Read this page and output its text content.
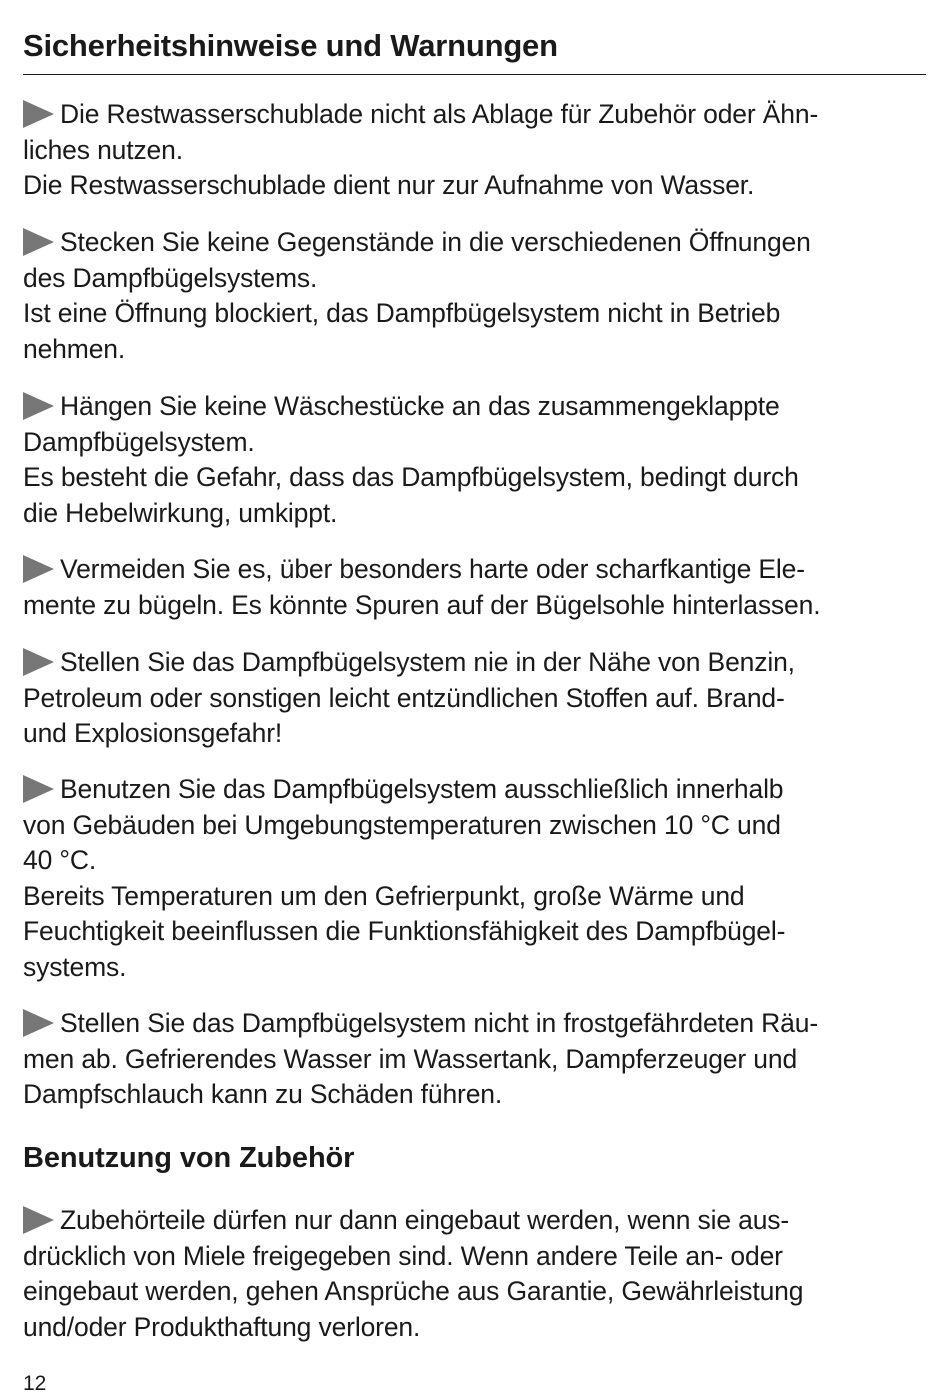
Sicherheitshinweise und Warnungen

Die Restwasserschublade nicht als Ablage für Zubehör oder Ähn-
liches nutzen.
Die Restwasserschublade dient nur zur Aufnahme von Wasser.

Stecken Sie keine Gegenstände in die verschiedenen Öffnungen
des Dampfbügelsystems.
Ist eine Öffnung blockiert, das Dampfbügelsystem nicht in Betrieb
nehmen.

Hängen Sie keine Wäschestücke an das zusammengeklappte
Dampfbügelsystem.
Es besteht die Gefahr, dass das Dampfbügelsystem, bedingt durch
die Hebelwirkung, umkippt.

Vermeiden Sie es, über besonders harte oder scharfkantige Ele-
mente zu bügeln. Es könnte Spuren auf der Bügelsohle hinterlassen.

Stellen Sie das Dampfbügelsystem nie in der Nähe von Benzin,
Petroleum oder sonstigen leicht entzündlichen Stoffen auf. Brand-
und Explosionsgefahr!

Benutzen Sie das Dampfbügelsystem ausschließlich innerhalb
von Gebäuden bei Umgebungstemperaturen zwischen 10 °C und
40 °C.
Bereits Temperaturen um den Gefrierpunkt, große Wärme und
Feuchtigkeit beeinflussen die Funktionsfähigkeit des Dampfbügel-
systems.

Stellen Sie das Dampfbügelsystem nicht in frostgefährdeten Räu-
men ab. Gefrierendes Wasser im Wassertank, Dampferzeuger und
Dampfschlauch kann zu Schäden führen.

Benutzung von Zubehör

Zubehörteile dürfen nur dann eingebaut werden, wenn sie aus-
drücklich von Miele freigegeben sind. Wenn andere Teile an- oder
eingebaut werden, gehen Ansprüche aus Garantie, Gewährleistung
und/oder Produkthaftung verloren.

12
